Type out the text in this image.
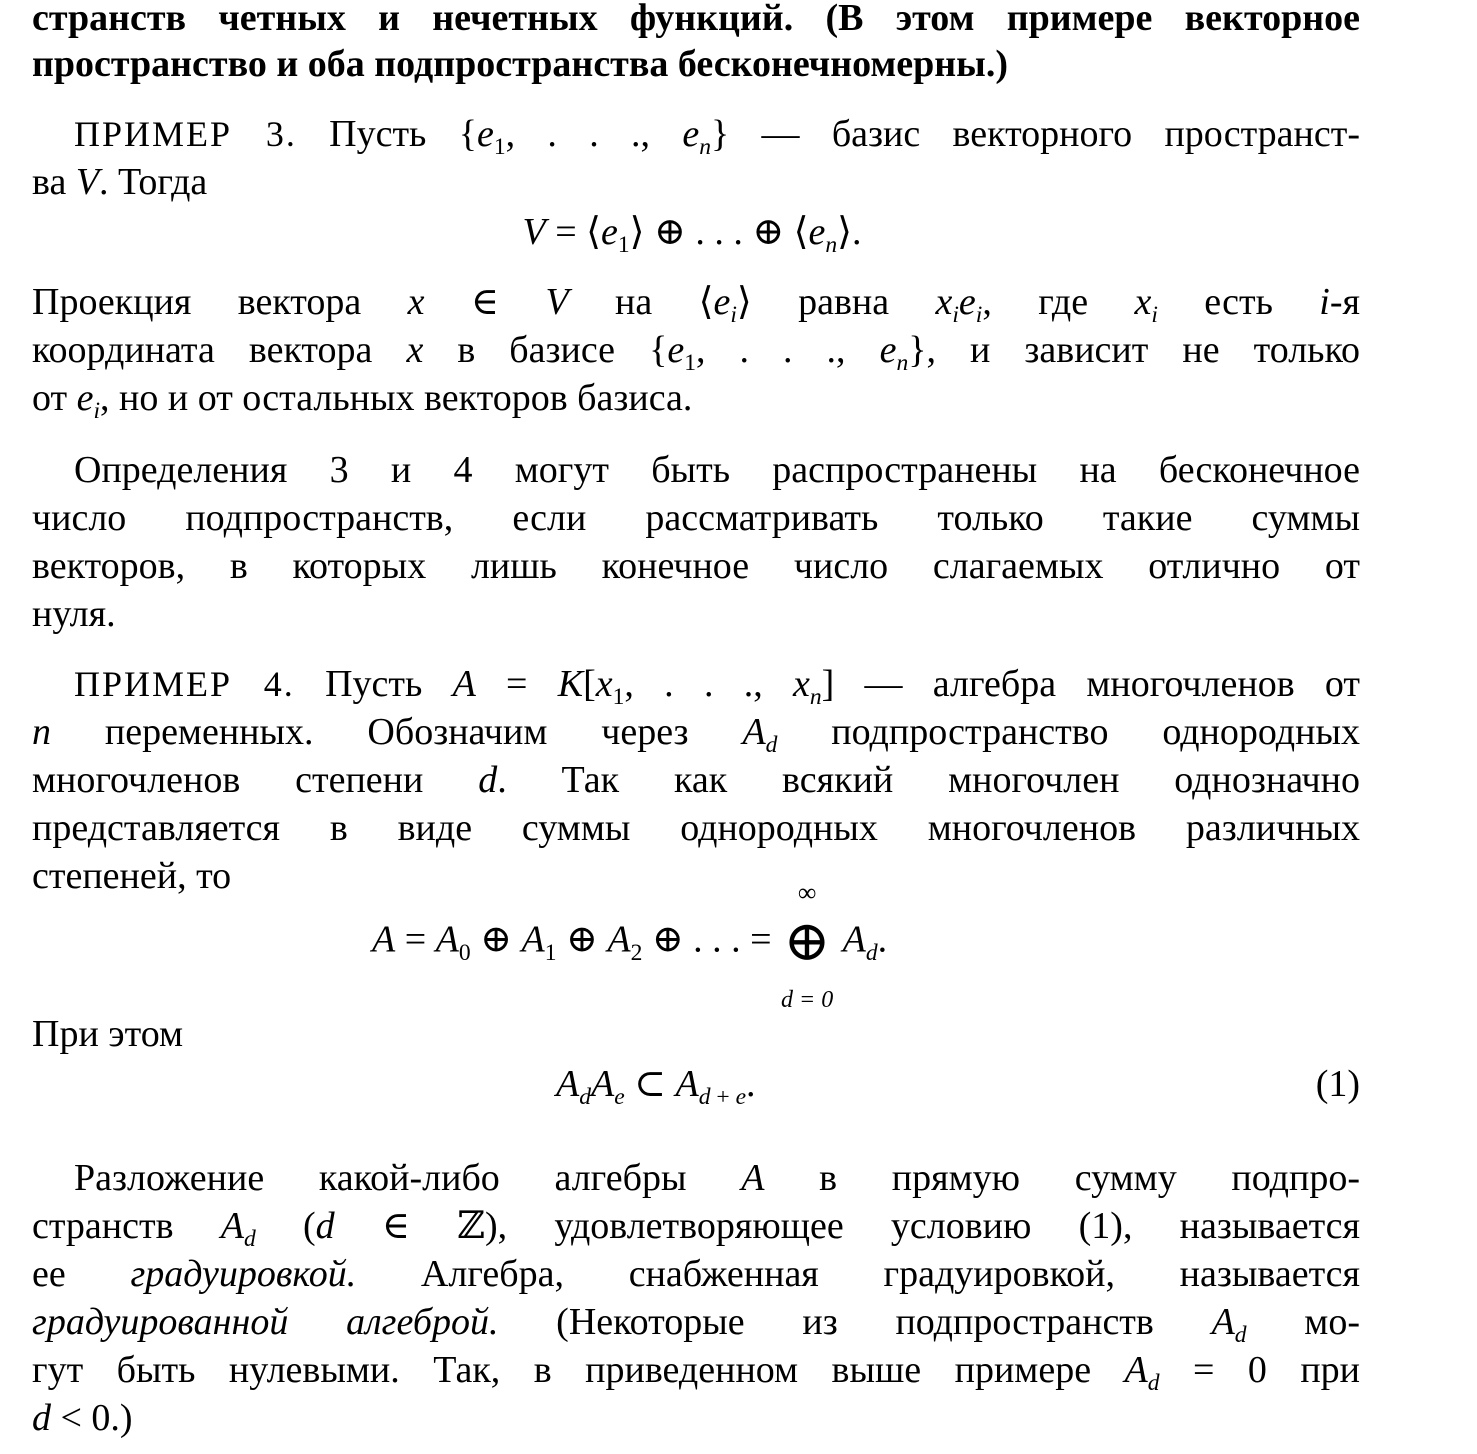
странств четных и нечетных функций. (В этом примере векторное
пространство и оба подпространства бесконечномерны.)
ПРИМЕР 3. Пусть {$e_1$, . . ., $e_n$} — базис векторного пространст-
ва V. Тогда
$V = ⟨e_1⟩$ ⊕ . . . ⊕ $⟨e_n⟩$.
Проекция вектора x ∈ V на $⟨e_i⟩$ равна $x_ie_i$, где $x_i$ есть i-я
координата вектора x в базисе {$e_1$, . . ., $e_n$}, и зависит не только
от $e_i$, но и от остальных векторов базиса.
Определения 3 и 4 могут быть распространены на бесконечное
число подпространств, если рассматривать только такие суммы
векторов, в которых лишь конечное число слагаемых отлично от
нуля.
ПРИМЕР 4. Пусть $A = K[x_1$, . . ., $x_n$] — алгебра многочленов от
n переменных. Обозначим через $A_d$ подпространство однородных
многочленов степени d. Так как всякий многочлен однозначно
представляется в виде суммы однородных многочленов различных
степеней, то
$A = A_0$ ⊕ $A_1$ ⊕ $A_2$ ⊕ . . . =
∞
⊕
d = 0
$A_d$.
При этом
$A_dA_e$ ⊂ $A_{d + e}$.	(1)
Разложение какой-либо алгебры A в прямую сумму подпро-
странств $A_d$ (d ∈ ℤ), удовлетворяющее условию (1), называется
ее градуировкой. Алгебра, снабженная градуировкой, называется
градуированной алгеброй. (Некоторые из подпространств $A_d$ мо-
гут быть нулевыми. Так, в приведенном выше примере $A_d = 0$ при
d < 0.)
